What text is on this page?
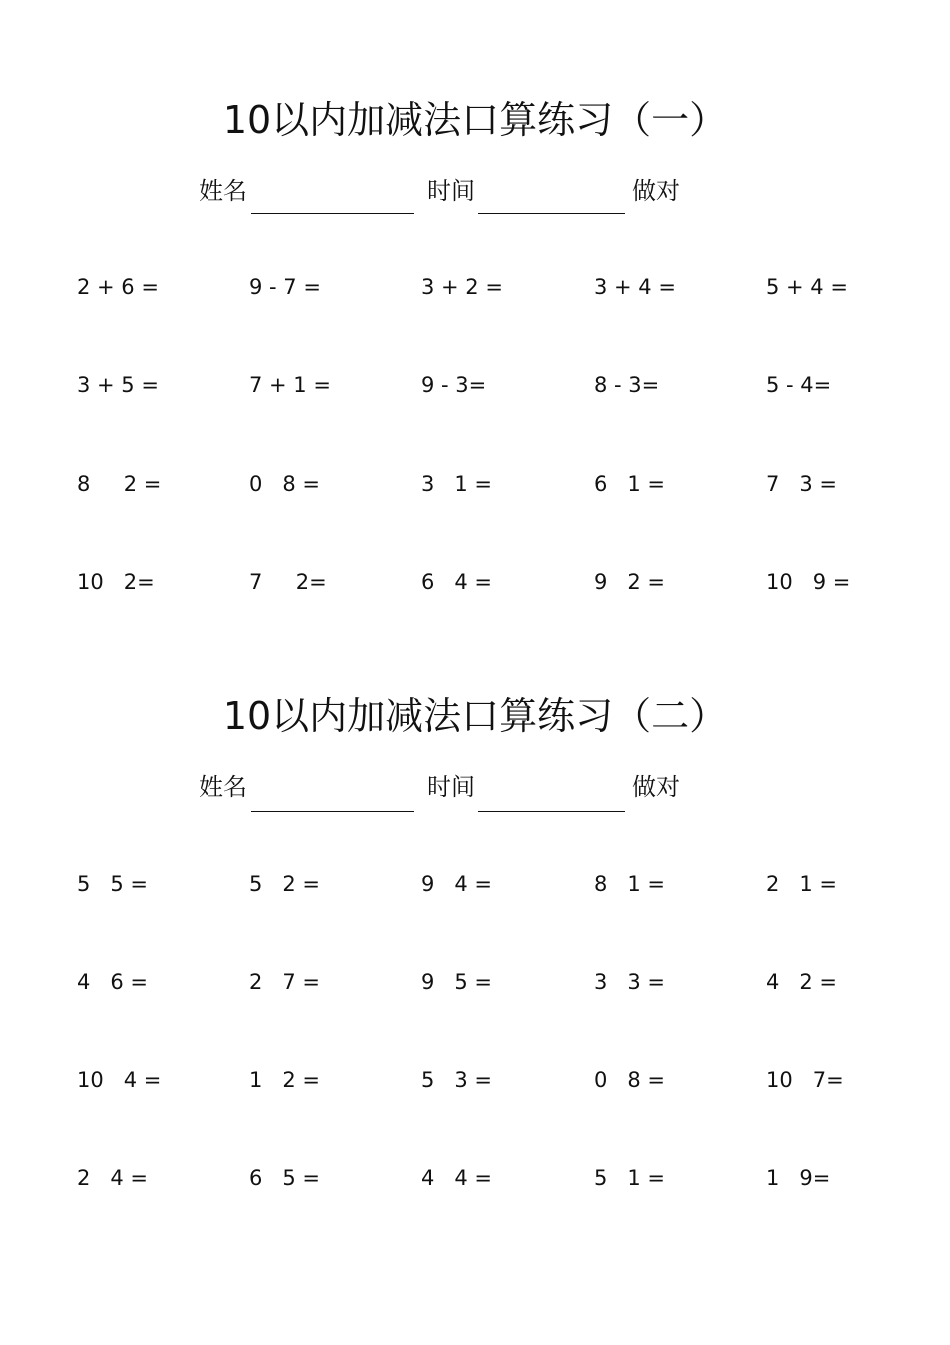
10以内加减法口算练习（一）
姓名	时间	做对
2 + 6 =	9 - 7 =	3 + 2 =	3 + 4 =	5 + 4 =
3 + 5 =	7 + 1 =	9 - 3=	8 - 3=	5 - 4=
8     2 =	0   8 =	3   1 =	6   1 =	7   3 =
10   2=	7     2=	6   4 =	9   2 =	10   9 =
10以内加减法口算练习（二）
姓名	时间	做对
5   5 =	5   2 =	9   4 =	8   1 =	2   1 =
4   6 =	2   7 =	9   5 =	3   3 =	4   2 =
10   4 =	1   2 =	5   3 =	0   8 =	10   7=
2   4 =	6   5 =	4   4 =	5   1 =	1   9=
